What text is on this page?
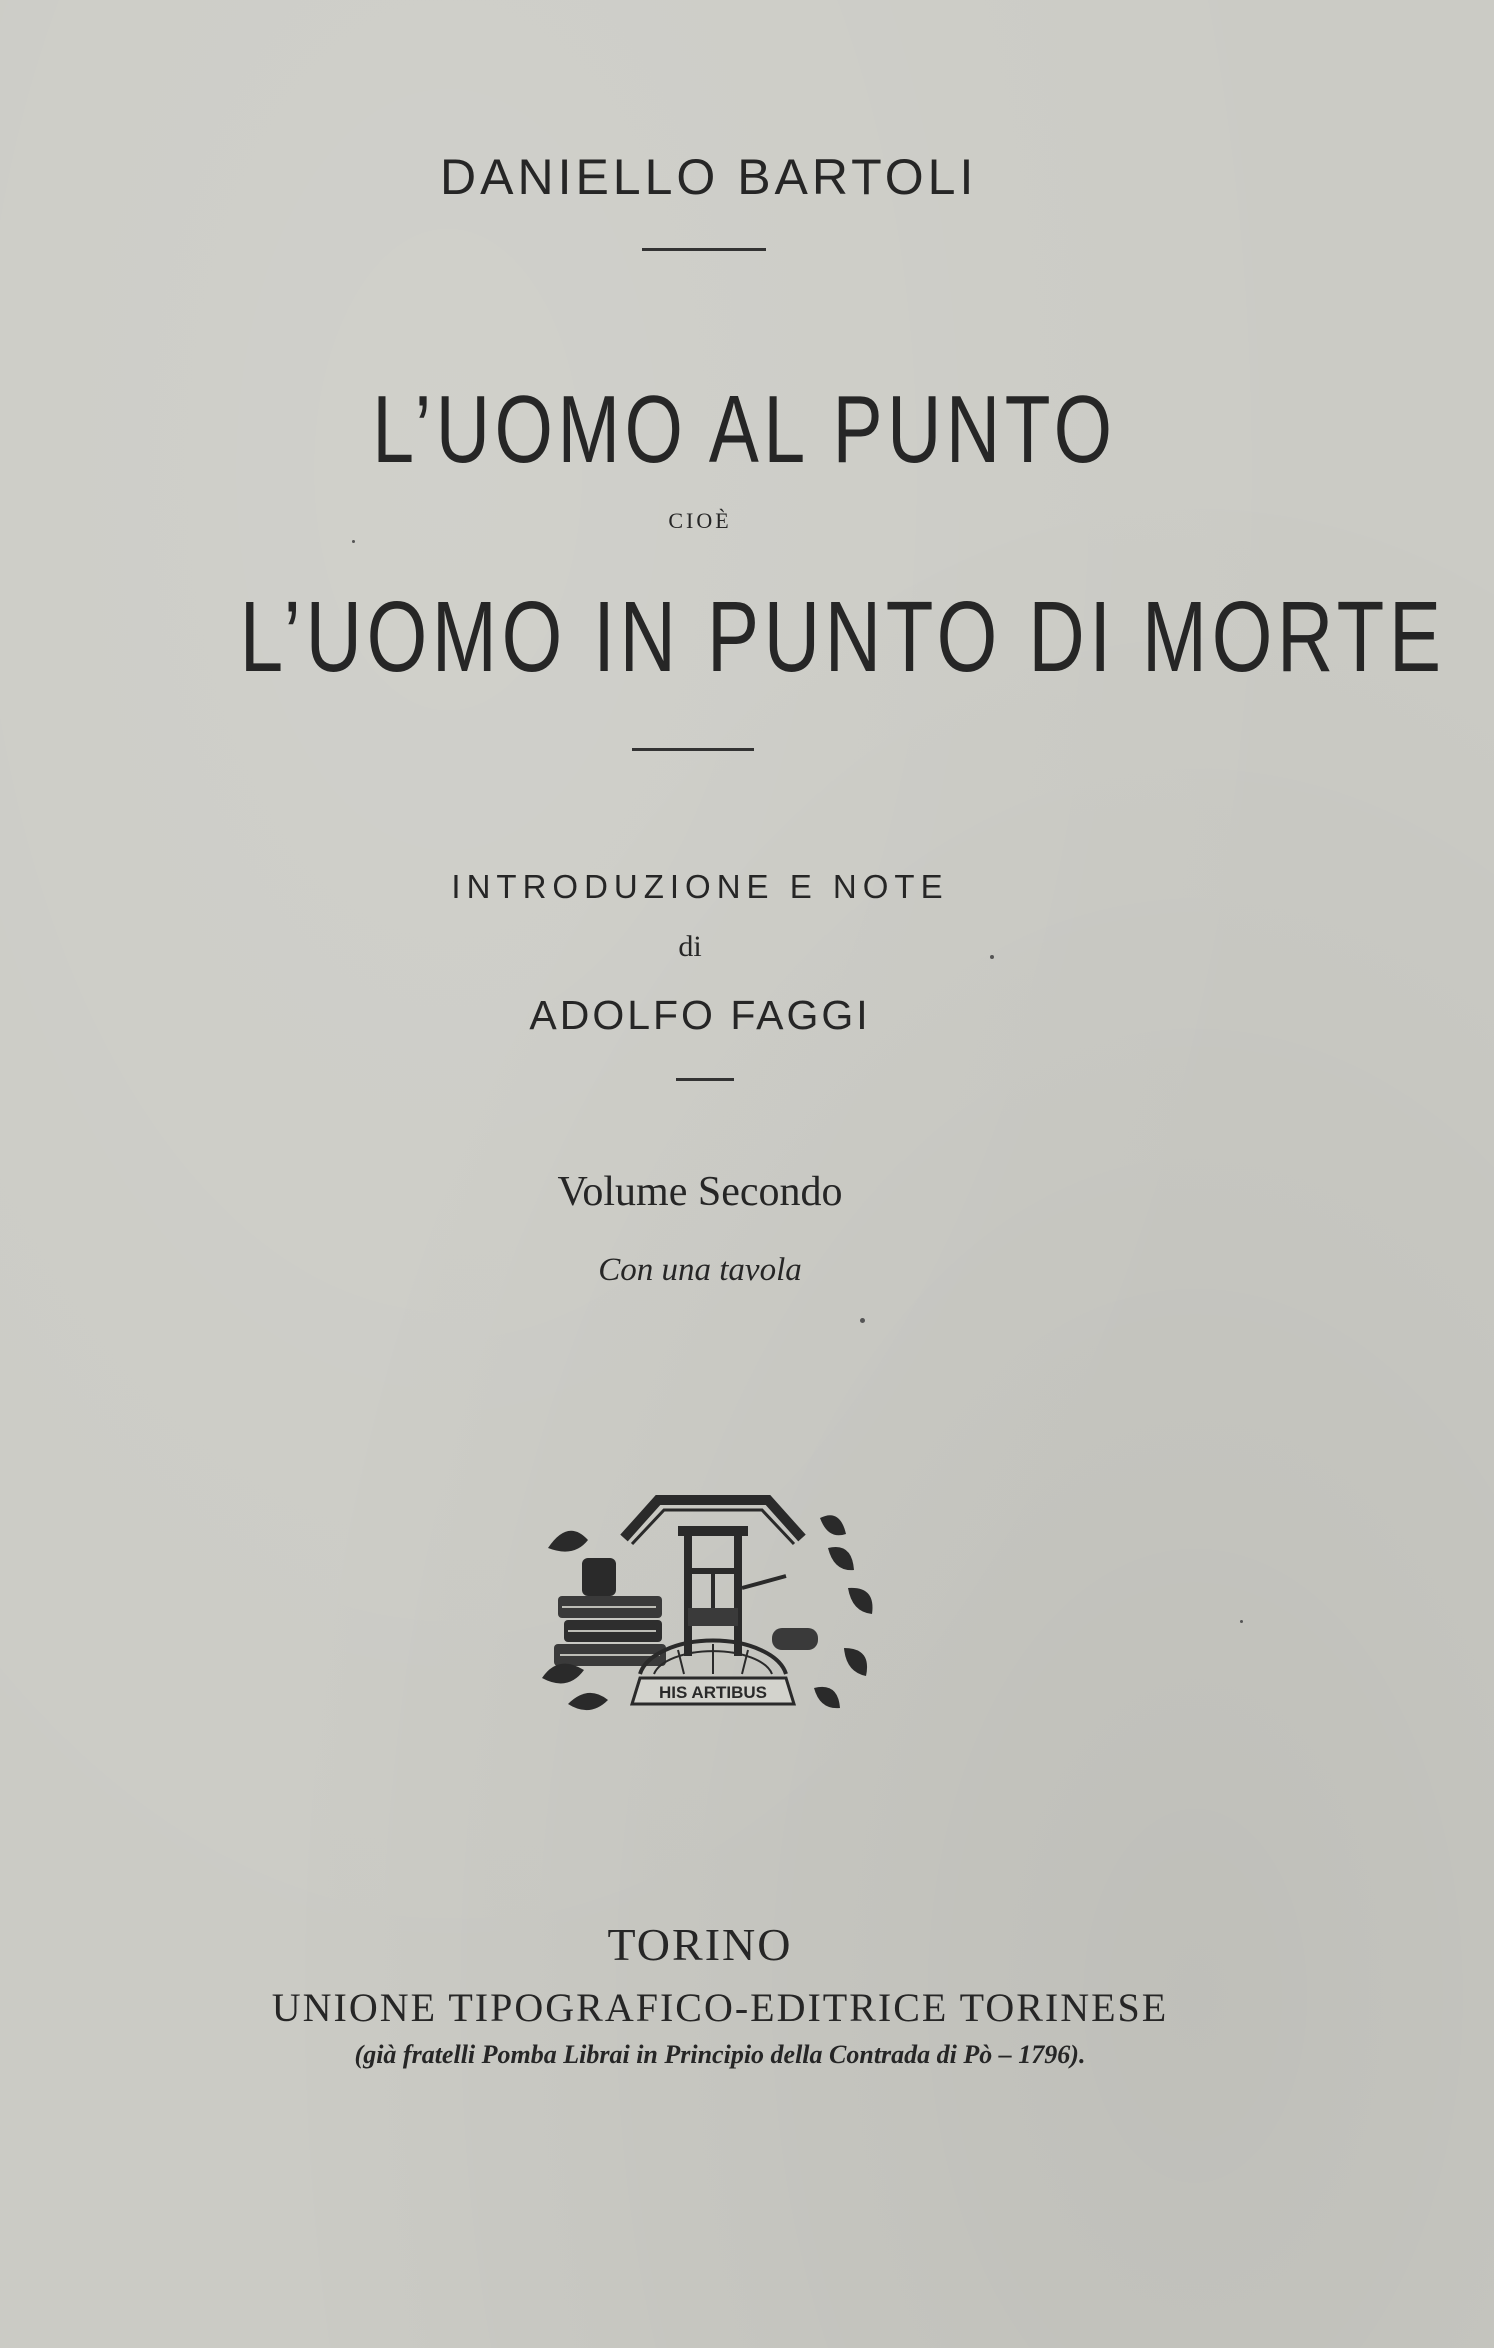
DANIELLO BARTOLI
L’UOMO AL PUNTO
CIOÈ
L’UOMO IN PUNTO DI MORTE
INTRODUZIONE E NOTE
di
ADOLFO FAGGI
Volume Secondo
Con una tavola
HIS ARTIBUS
TORINO
UNIONE TIPOGRAFICO-EDITRICE TORINESE
(già fratelli Pomba Librai in Principio della Contrada di Pò – 1796).
